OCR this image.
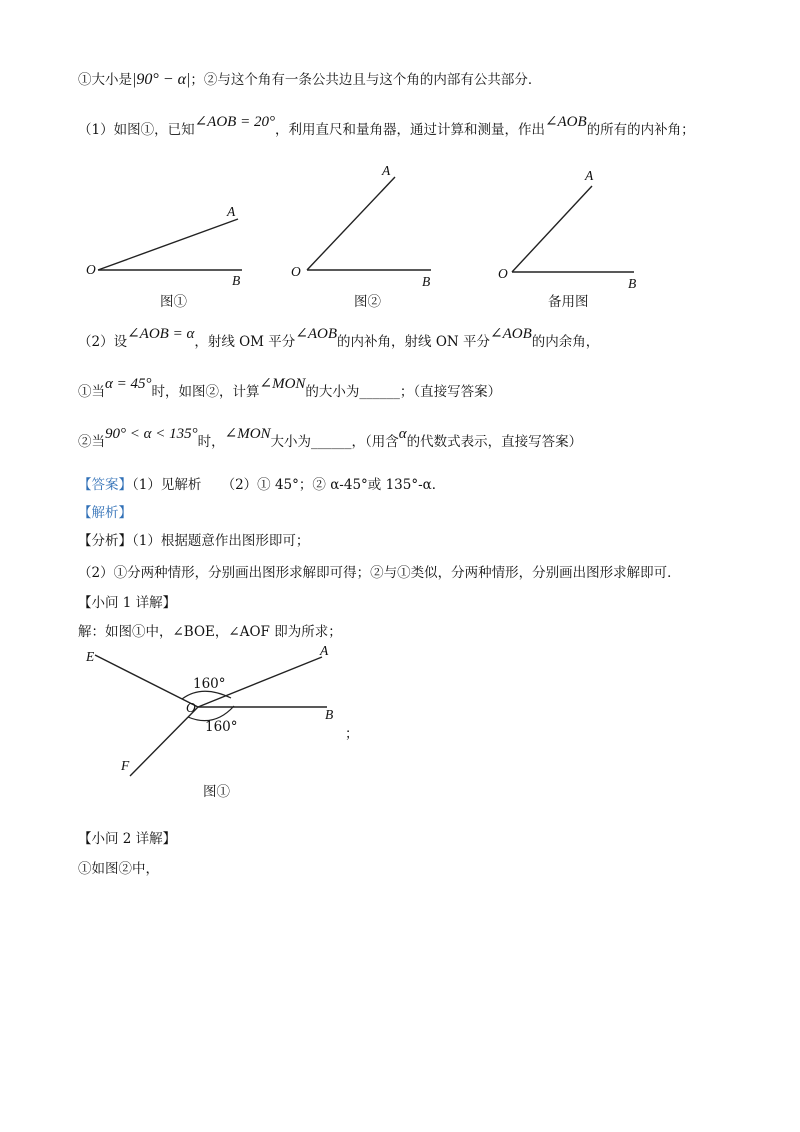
①大小是|90° − α|；②与这个角有一条公共边且与这个角的内部有公共部分．
（1）如图①，已知∠AOB = 20°，利用直尺和量角器，通过计算和测量，作出∠AOB的所有的内补角；
A
O
B
图①
A
O
B
图②
A
O
B
备用图
（2）设∠AOB = α，射线 OM 平分∠AOB的内补角，射线 ON 平分∠AOB的内余角，
①当α = 45°时，如图②，计算∠MON的大小为______；（直接写答案）
②当90° < α < 135°时，∠MON大小为______，（用含α的代数式表示，直接写答案）
【答案】（1）见解析　　（2）① 45°；② α-45°或 135°-α．
【解析】
【分析】（1）根据题意作出图形即可；
（2）①分两种情形，分别画出图形求解即可得；②与①类似，分两种情形，分别画出图形求解即可．
【小问 1 详解】
解：如图①中，∠BOE，∠AOF 即为所求；
E	A
O	B
F
160°
160°	；
图①
【小问 2 详解】
①如图②中，
